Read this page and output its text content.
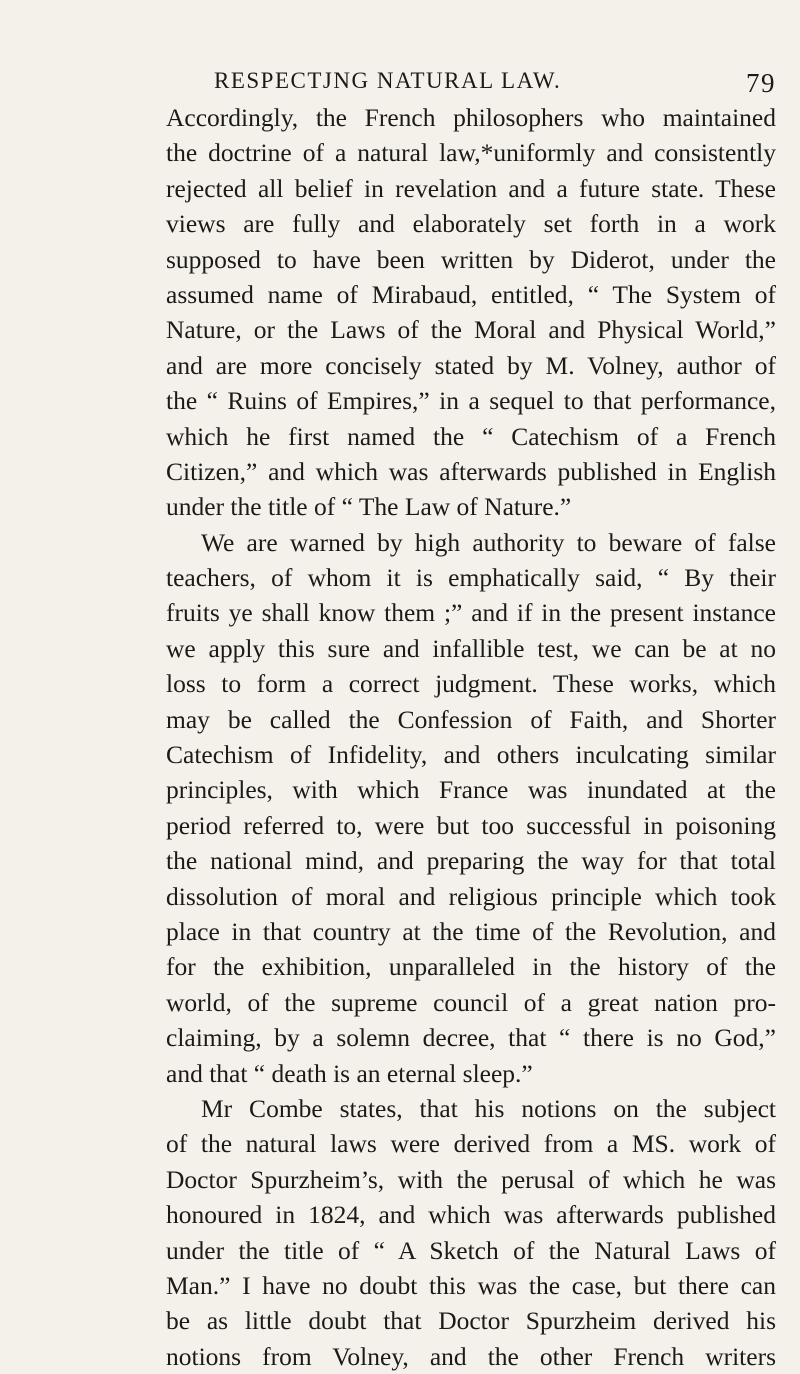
RESPECTJNG NATURAL LAW.	79
Accordingly, the French philosophers who maintained
the doctrine of a natural law,*uniformly and consistently
rejected all belief in revelation and a future state. These
views are fully and elaborately set forth in a work
supposed to have been written by Diderot, under the
assumed name of Mirabaud, entitled, “ The System of
Nature, or the Laws of the Moral and Physical World,”
and are more concisely stated by M. Volney, author of
the “ Ruins of Empires,” in a sequel to that performance,
which he first named the “ Catechism of a French
Citizen,” and which was afterwards published in English
under the title of “ The Law of Nature.”
We are warned by high authority to beware of false
teachers, of whom it is emphatically said, “ By their
fruits ye shall know them ;” and if in the present instance
we apply this sure and infallible test, we can be at no
loss to form a correct judgment. These works, which
may be called the Confession of Faith, and Shorter
Catechism of Infidelity, and others inculcating similar
principles, with which France was inundated at the
period referred to, were but too successful in poisoning
the national mind, and preparing the way for that total
dissolution of moral and religious principle which took
place in that country at the time of the Revolution, and
for the exhibition, unparalleled in the history of the
world, of the supreme council of a great nation pro-
claiming, by a solemn decree, that “ there is no God,”
and that “ death is an eternal sleep.”
Mr Combe states, that his notions on the subject
of the natural laws were derived from a MS. work of
Doctor Spurzheim’s, with the perusal of which he was
honoured in 1824, and which was afterwards published
under the title of “ A Sketch of the Natural Laws of
Man.” I have no doubt this was the case, but there can
be as little doubt that Doctor Spurzheim derived his
notions from Volney, and the other French writers
